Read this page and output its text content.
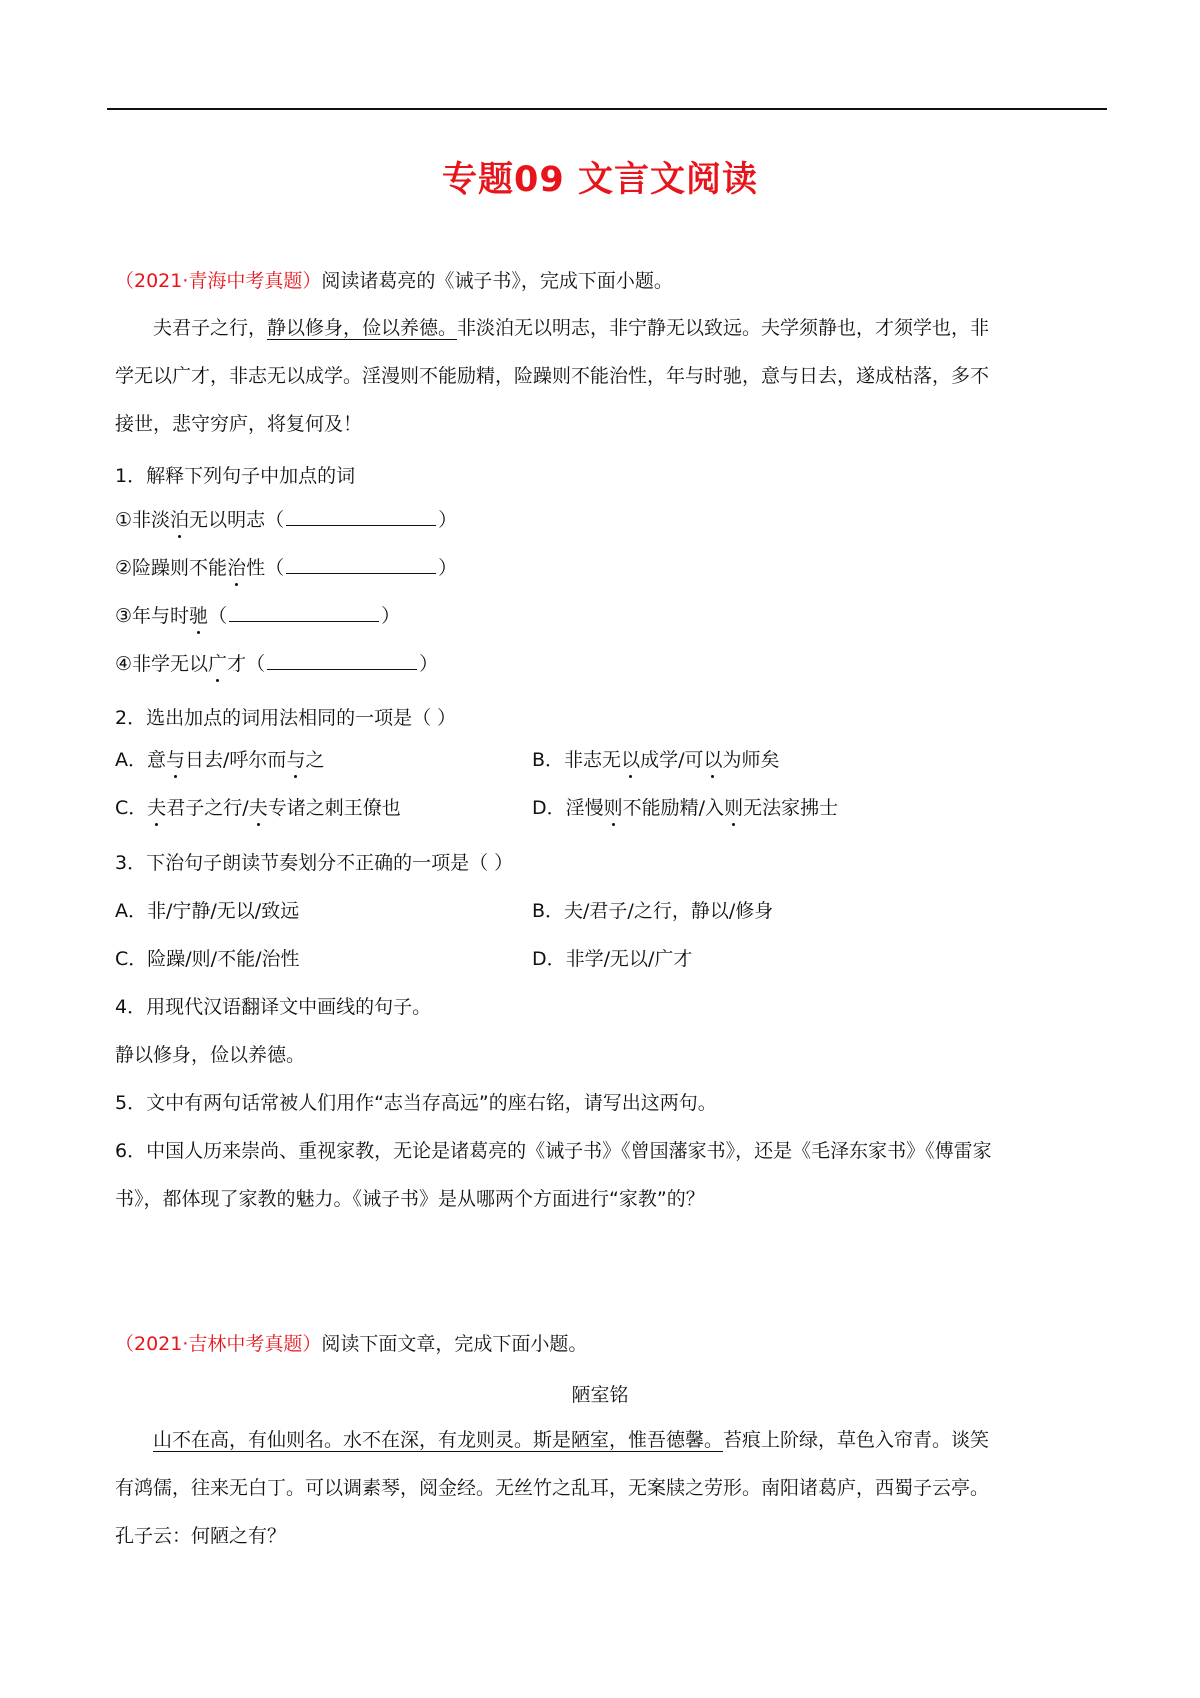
专题09 文言文阅读
（2021·青海中考真题）阅读诸葛亮的《诫子书》，完成下面小题。
夫君子之行，静以修身，俭以养德。非淡泊无以明志，非宁静无以致远。夫学须静也，才须学也，非
学无以广才，非志无以成学。淫漫则不能励精，险躁则不能治性，年与时驰，意与日去，遂成枯落，多不
接世，悲守穷庐，将复何及！
1．解释下列句子中加点的词
①非淡泊无以明志（	）
②险躁则不能治性（	）
③年与时驰（	）
④非学无以广才（	）
2．选出加点的词用法相同的一项是（ ）
A．意与日去/呼尔而与之	B．非志无以成学/可以为师矣
C．夫君子之行/夫专诸之刺王僚也	D．淫慢则不能励精/入则无法家拂士
3．下治句子朗读节奏划分不正确的一项是（ ）
A．非/宁静/无以/致远	B．夫/君子/之行，静以/修身
C．险躁/则/不能/治性	D．非学/无以/广才
4．用现代汉语翻译文中画线的句子。
静以修身，俭以养德。
5．文中有两句话常被人们用作“志当存高远”的座右铭，请写出这两句。
6．中国人历来崇尚、重视家教，无论是诸葛亮的《诫子书》《曾国藩家书》，还是《毛泽东家书》《傅雷家
书》，都体现了家教的魅力。《诫子书》是从哪两个方面进行“家教”的？
（2021·吉林中考真题）阅读下面文章，完成下面小题。
陋室铭
山不在高，有仙则名。水不在深，有龙则灵。斯是陋室，惟吾德馨。苔痕上阶绿，草色入帘青。谈笑
有鸿儒，往来无白丁。可以调素琴，阅金经。无丝竹之乱耳，无案牍之劳形。南阳诸葛庐，西蜀子云亭。
孔子云：何陋之有？
